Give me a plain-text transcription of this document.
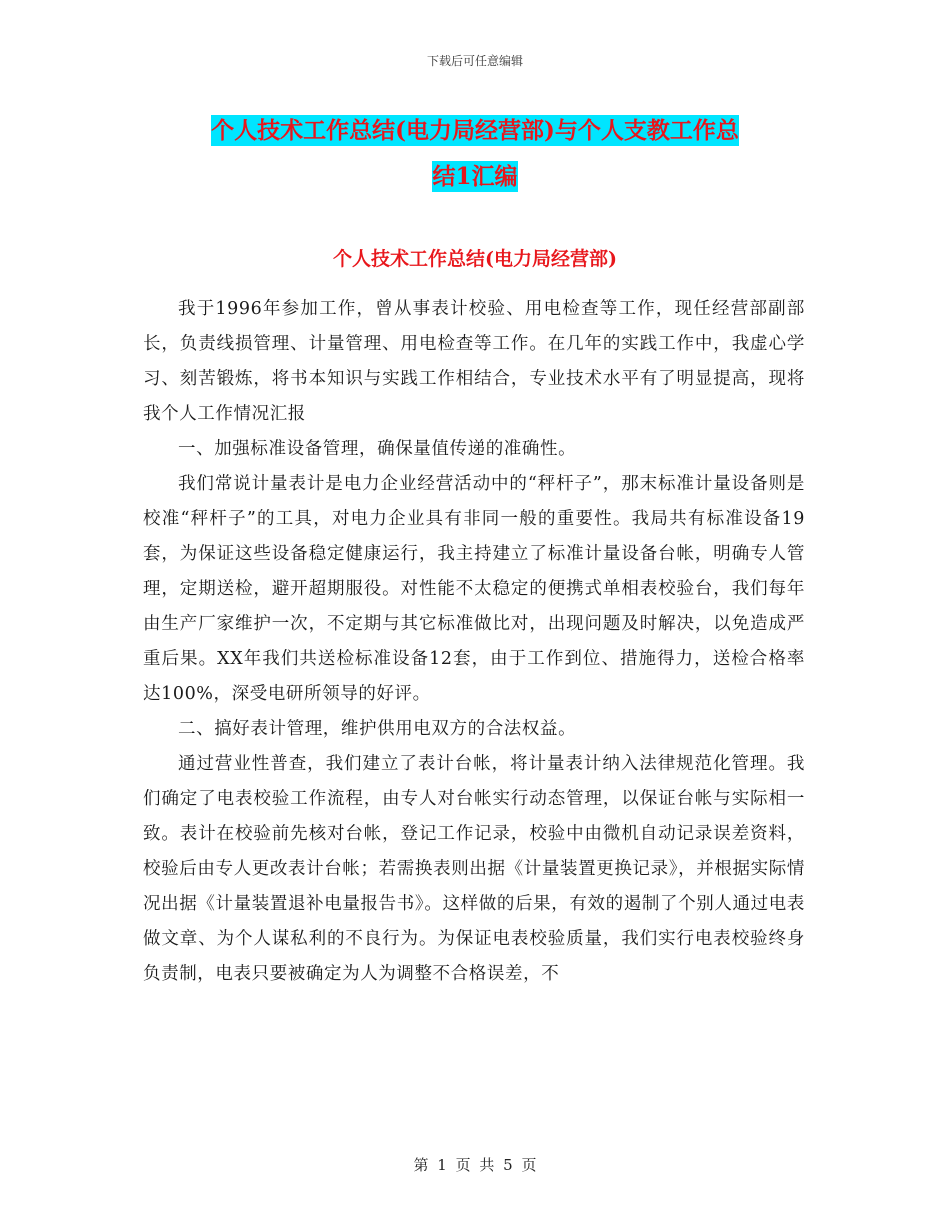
下载后可任意编辑
个人技术工作总结(电力局经营部)与个人支教工作总
结1汇编
个人技术工作总结(电力局经营部)

我于1996年参加工作，曾从事表计校验、用电检查等工作，现任经营部副部长，负责线损管理、计量管理、用电检查等工作。在几年的实践工作中，我虚心学习、刻苦锻炼，将书本知识与实践工作相结合，专业技术水平有了明显提高，现将我个人工作情况汇报

一、加强标准设备管理，确保量值传递的准确性。

我们常说计量表计是电力企业经营活动中的“秤杆子”，那末标准计量设备则是校准“秤杆子”的工具，对电力企业具有非同一般的重要性。我局共有标准设备19套，为保证这些设备稳定健康运行，我主持建立了标准计量设备台帐，明确专人管理，定期送检，避开超期服役。对性能不太稳定的便携式单相表校验台，我们每年由生产厂家维护一次，不定期与其它标准做比对，出现问题及时解决，以免造成严重后果。XX年我们共送检标准设备12套，由于工作到位、措施得力，送检合格率达100%，深受电研所领导的好评。

二、搞好表计管理，维护供用电双方的合法权益。

通过营业性普查，我们建立了表计台帐，将计量表计纳入法律规范化管理。我们确定了电表校验工作流程，由专人对台帐实行动态管理，以保证台帐与实际相一致。表计在校验前先核对台帐，登记工作记录，校验中由微机自动记录误差资料，校验后由专人更改表计台帐；若需换表则出据《计量装置更换记录》，并根据实际情况出据《计量装置退补电量报告书》。这样做的后果，有效的遏制了个别人通过电表做文章、为个人谋私利的不良行为。为保证电表校验质量，我们实行电表校验终身负责制，电表只要被确定为人为调整不合格误差，不

第 1 页 共 5 页
